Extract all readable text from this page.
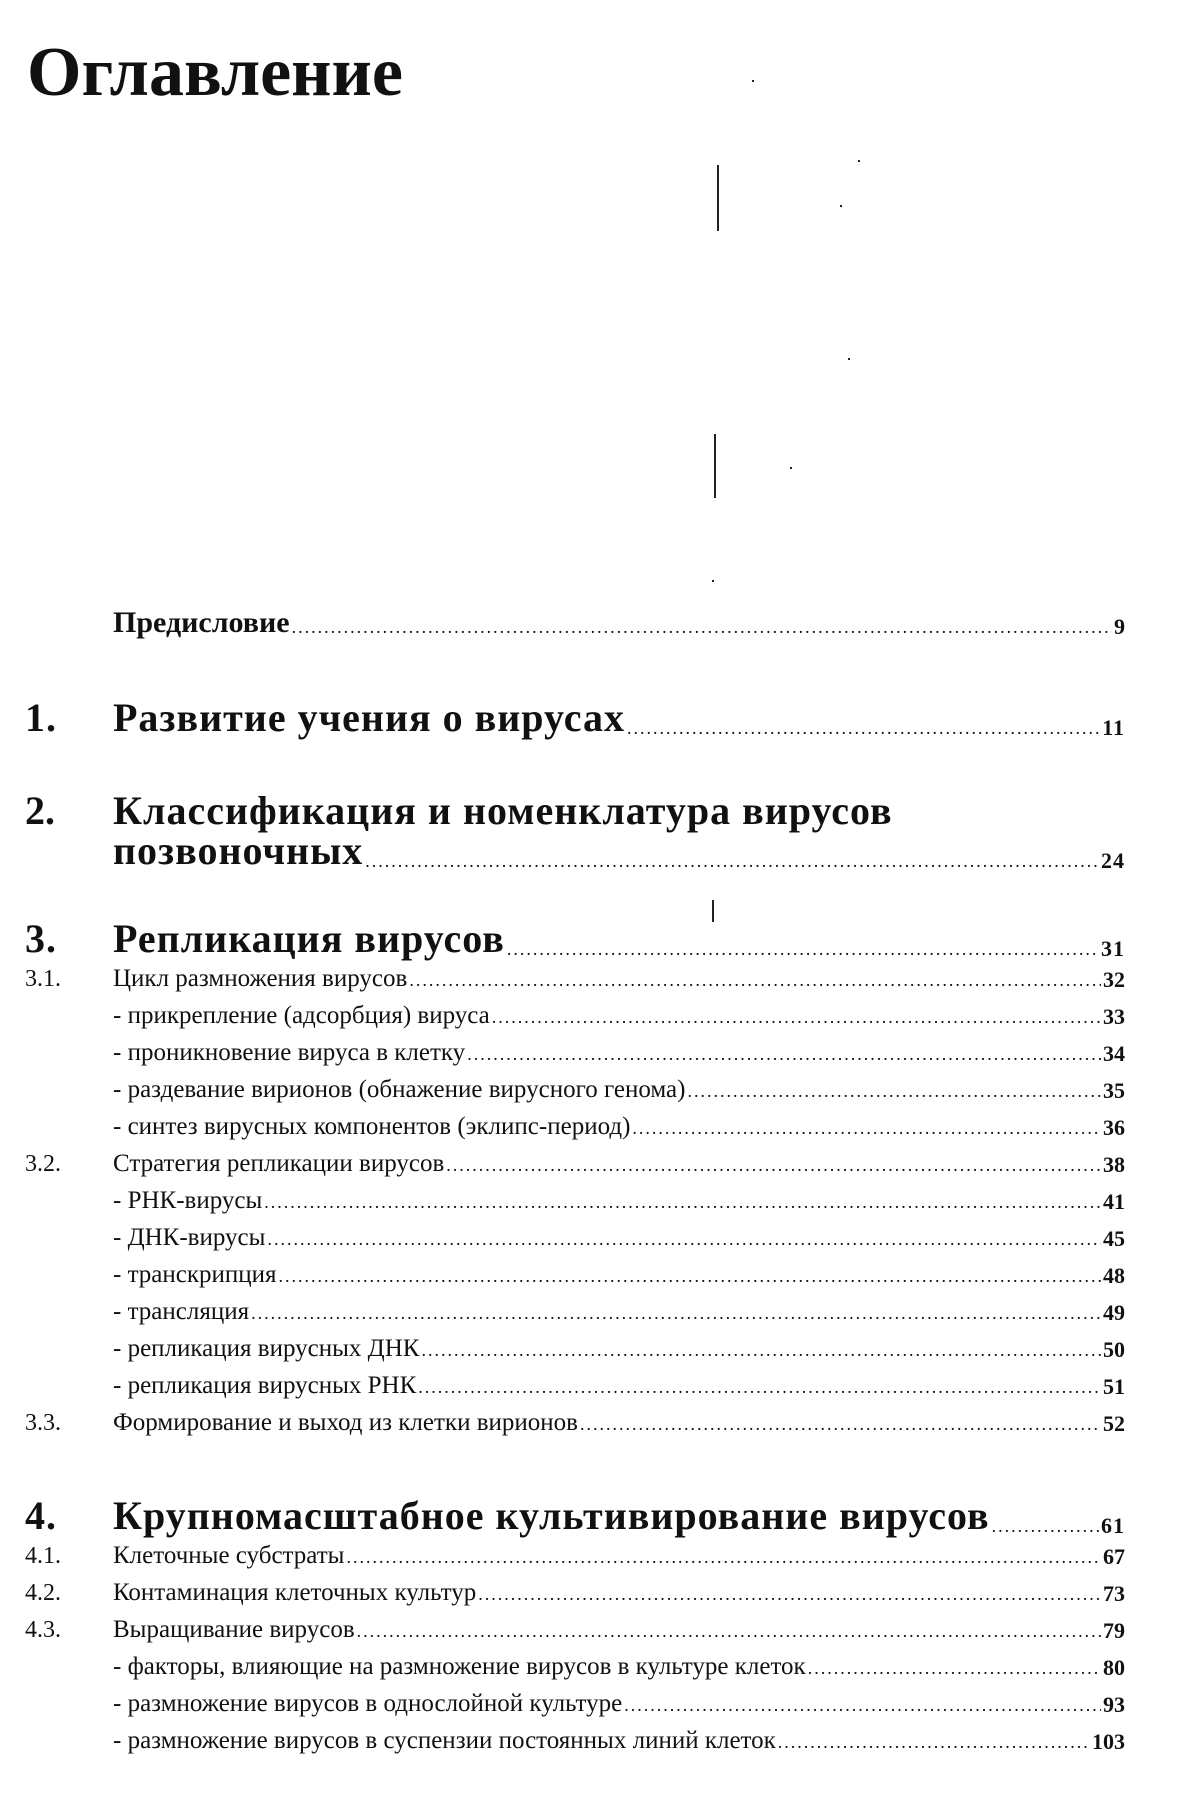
Оглавление
Предисловие .....	9
1.	Развитие учения о вирусах .....	11
2. Классификация и номенклатура вирусов
позвоночных .....	24
3.	Репликация вирусов .....	31
3.1.	Цикл размножения вирусов .....	32
- прикрепление (адсорбция) вируса .....	33
- проникновение вируса в клетку .....	34
- раздевание вирионов (обнажение вирусного генома) .....	35
- синтез вирусных компонентов (эклипс-период) .....	36
3.2.	Стратегия репликации вирусов .....	38
- РНК-вирусы .....	41
- ДНК-вирусы .....	45
- транскрипция .....	48
- трансляция .....	49
- репликация вирусных ДНК .....	50
- репликация вирусных РНК .....	51
3.3.	Формирование и выход из клетки вирионов .....	52
4.	Крупномасштабное культивирование вирусов .....	61
4.1.	Клеточные субстраты .....	67
4.2.	Контаминация клеточных культур .....	73
4.3.	Выращивание вирусов .....	79
- факторы, влияющие на размножение вирусов в культуре клеток .....	80
- размножение вирусов в однослойной культуре .....	93
- размножение вирусов в суспензии постоянных линий клеток .....	103
